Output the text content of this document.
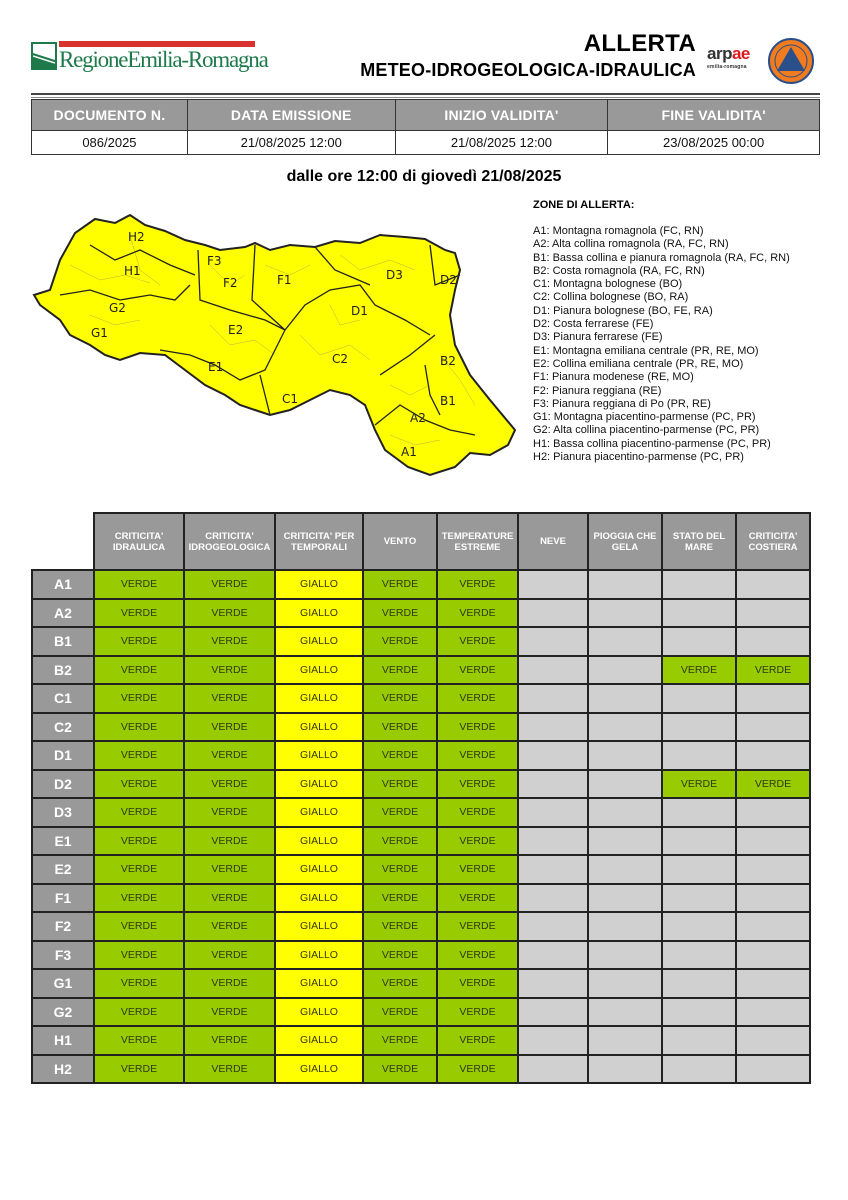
RegioneEmilia-Romagna
ALLERTA
METEO-IDROGEOLOGICA-IDRAULICA
arpae
emilia-romagna
DOCUMENTO N.	DATA EMISSIONE	INIZIO VALIDITA'	FINE VALIDITA'
086/2025	21/08/2025 12:00	21/08/2025 12:00	23/08/2025 00:00
dalle ore 12:00 di giovedì 21/08/2025
H2
F3
H1
F2	F1	D3	D2
G2
G1
D1
E2
C2	B2
E1
C1	B1
A2
A1
ZONE DI ALLERTA:
A1: Montagna romagnola (FC, RN)
A2: Alta collina romagnola (RA, FC, RN)
B1: Bassa collina e pianura romagnola (RA, FC, RN)
B2: Costa romagnola (RA, FC, RN)
C1: Montagna bolognese (BO)
C2: Collina bolognese (BO, RA)
D1: Pianura bolognese (BO, FE, RA)
D2: Costa ferrarese (FE)
D3: Pianura ferrarese (FE)
E1: Montagna emiliana centrale (PR, RE, MO)
E2: Collina emiliana centrale (PR, RE, MO)
F1: Pianura modenese (RE, MO)
F2: Pianura reggiana (RE)
F3: Pianura reggiana di Po (PR, RE)
G1: Montagna piacentino-parmense (PC, PR)
G2: Alta collina piacentino-parmense (PC, PR)
H1: Bassa collina piacentino-parmense (PC, PR)
H2: Pianura piacentino-parmense (PC, PR)
	CRITICITA' IDRAULICA	CRITICITA' IDROGEOLOGICA	CRITICITA' PER TEMPORALI	VENTO	TEMPERATURE ESTREME	NEVE	PIOGGIA CHE GELA	STATO DEL MARE	CRITICITA' COSTIERA
A1	VERDE	VERDE	GIALLO	VERDE	VERDE				
A2	VERDE	VERDE	GIALLO	VERDE	VERDE				
B1	VERDE	VERDE	GIALLO	VERDE	VERDE				
B2	VERDE	VERDE	GIALLO	VERDE	VERDE			VERDE	VERDE
C1	VERDE	VERDE	GIALLO	VERDE	VERDE				
C2	VERDE	VERDE	GIALLO	VERDE	VERDE				
D1	VERDE	VERDE	GIALLO	VERDE	VERDE				
D2	VERDE	VERDE	GIALLO	VERDE	VERDE			VERDE	VERDE
D3	VERDE	VERDE	GIALLO	VERDE	VERDE				
E1	VERDE	VERDE	GIALLO	VERDE	VERDE				
E2	VERDE	VERDE	GIALLO	VERDE	VERDE				
F1	VERDE	VERDE	GIALLO	VERDE	VERDE				
F2	VERDE	VERDE	GIALLO	VERDE	VERDE				
F3	VERDE	VERDE	GIALLO	VERDE	VERDE				
G1	VERDE	VERDE	GIALLO	VERDE	VERDE				
G2	VERDE	VERDE	GIALLO	VERDE	VERDE				
H1	VERDE	VERDE	GIALLO	VERDE	VERDE				
H2	VERDE	VERDE	GIALLO	VERDE	VERDE				
